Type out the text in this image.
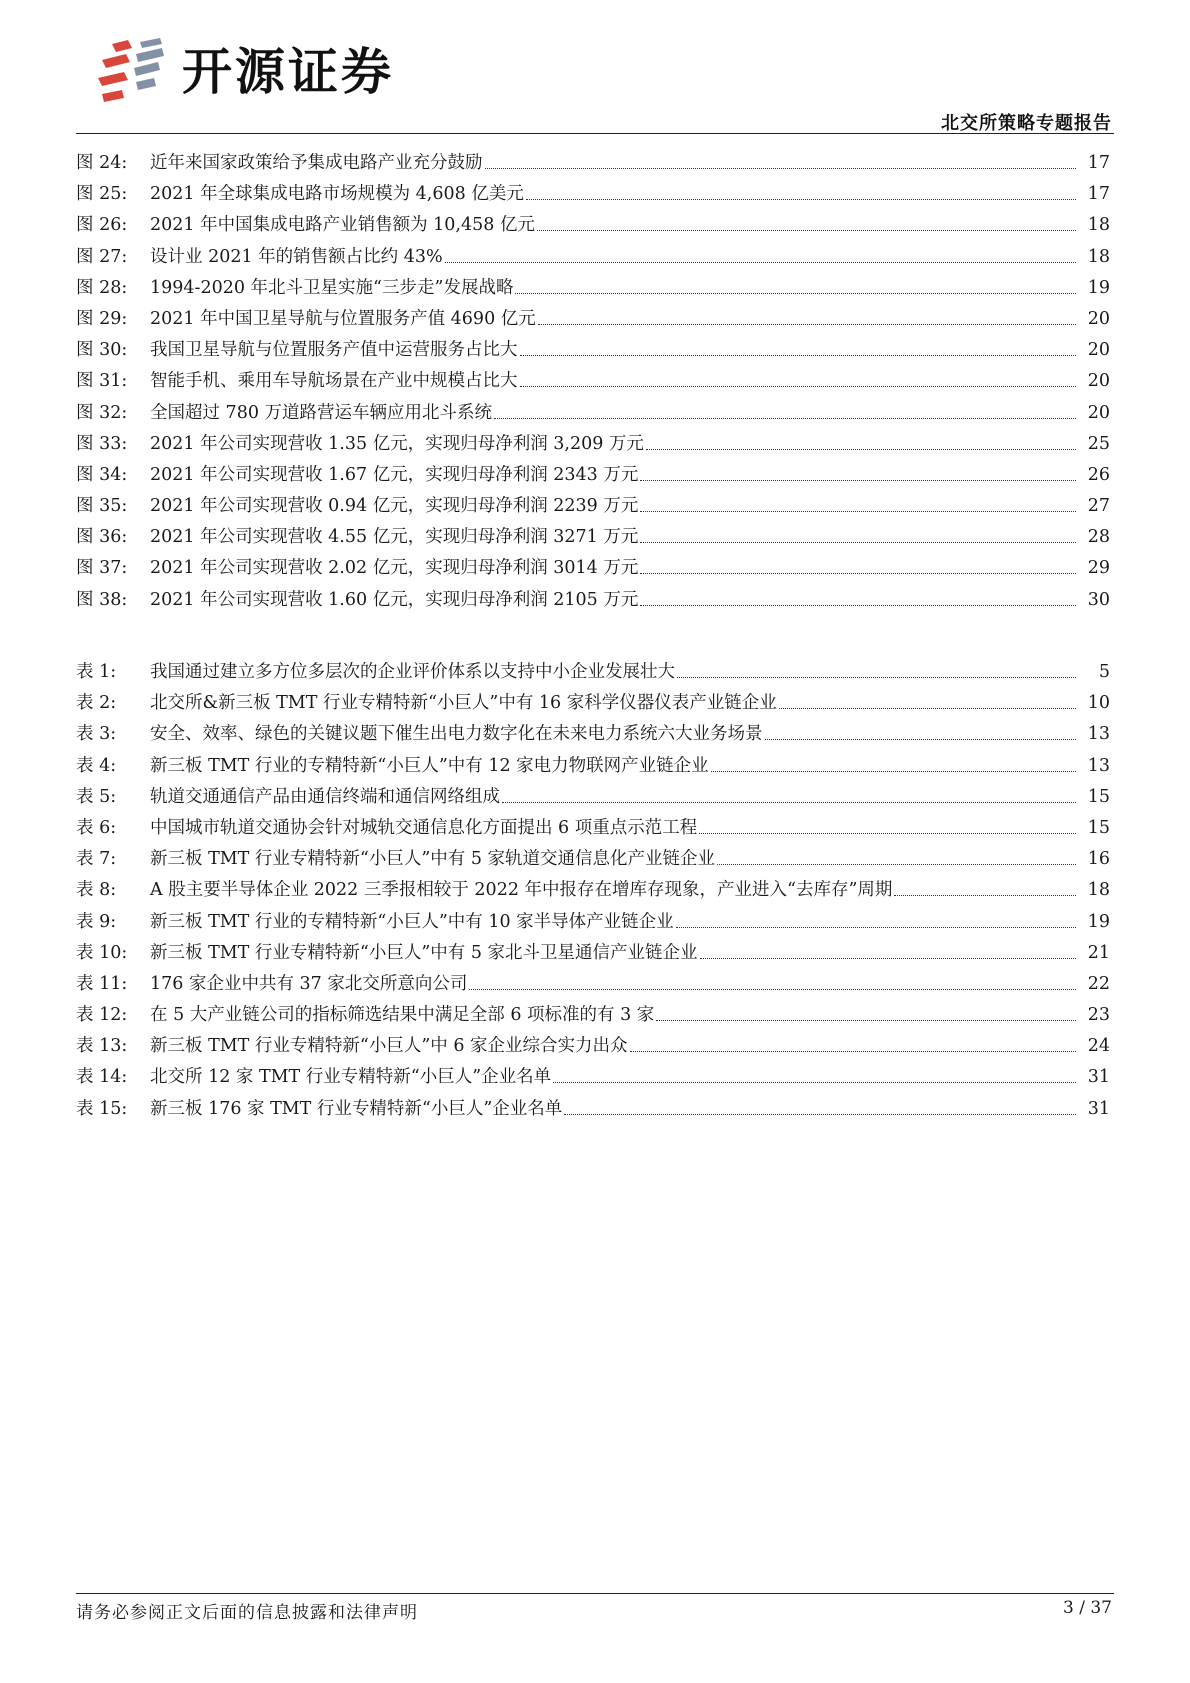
开源证券
北交所策略专题报告
图 24: 近年来国家政策给予集成电路产业充分鼓励	17
图 25: 2021 年全球集成电路市场规模为 4,608 亿美元	17
图 26: 2021 年中国集成电路产业销售额为 10,458 亿元	18
图 27: 设计业 2021 年的销售额占比约 43%	18
图 28: 1994-2020 年北斗卫星实施“三步走”发展战略	19
图 29: 2021 年中国卫星导航与位置服务产值 4690 亿元	20
图 30: 我国卫星导航与位置服务产值中运营服务占比大	20
图 31: 智能手机、乘用车导航场景在产业中规模占比大	20
图 32: 全国超过 780 万道路营运车辆应用北斗系统	20
图 33: 2021 年公司实现营收 1.35 亿元，实现归母净利润 3,209 万元	25
图 34: 2021 年公司实现营收 1.67 亿元，实现归母净利润 2343 万元	26
图 35: 2021 年公司实现营收 0.94 亿元，实现归母净利润 2239 万元	27
图 36: 2021 年公司实现营收 4.55 亿元，实现归母净利润 3271 万元	28
图 37: 2021 年公司实现营收 2.02 亿元，实现归母净利润 3014 万元	29
图 38: 2021 年公司实现营收 1.60 亿元，实现归母净利润 2105 万元	30
表 1: 我国通过建立多方位多层次的企业评价体系以支持中小企业发展壮大	5
表 2: 北交所&新三板 TMT 行业专精特新“小巨人”中有 16 家科学仪器仪表产业链企业	10
表 3: 安全、效率、绿色的关键议题下催生出电力数字化在未来电力系统六大业务场景	13
表 4: 新三板 TMT 行业的专精特新“小巨人”中有 12 家电力物联网产业链企业	13
表 5: 轨道交通通信产品由通信终端和通信网络组成	15
表 6: 中国城市轨道交通协会针对城轨交通信息化方面提出 6 项重点示范工程	15
表 7: 新三板 TMT 行业专精特新“小巨人”中有 5 家轨道交通信息化产业链企业	16
表 8: A 股主要半导体企业 2022 三季报相较于 2022 年中报存在增库存现象，产业进入“去库存”周期	18
表 9: 新三板 TMT 行业的专精特新“小巨人”中有 10 家半导体产业链企业	19
表 10: 新三板 TMT 行业专精特新“小巨人”中有 5 家北斗卫星通信产业链企业	21
表 11: 176 家企业中共有 37 家北交所意向公司	22
表 12: 在 5 大产业链公司的指标筛选结果中满足全部 6 项标准的有 3 家	23
表 13: 新三板 TMT 行业专精特新“小巨人”中 6 家企业综合实力出众	24
表 14: 北交所 12 家 TMT 行业专精特新“小巨人”企业名单	31
表 15: 新三板 176 家 TMT 行业专精特新“小巨人”企业名单	31
请务必参阅正文后面的信息披露和法律声明	3 / 37
